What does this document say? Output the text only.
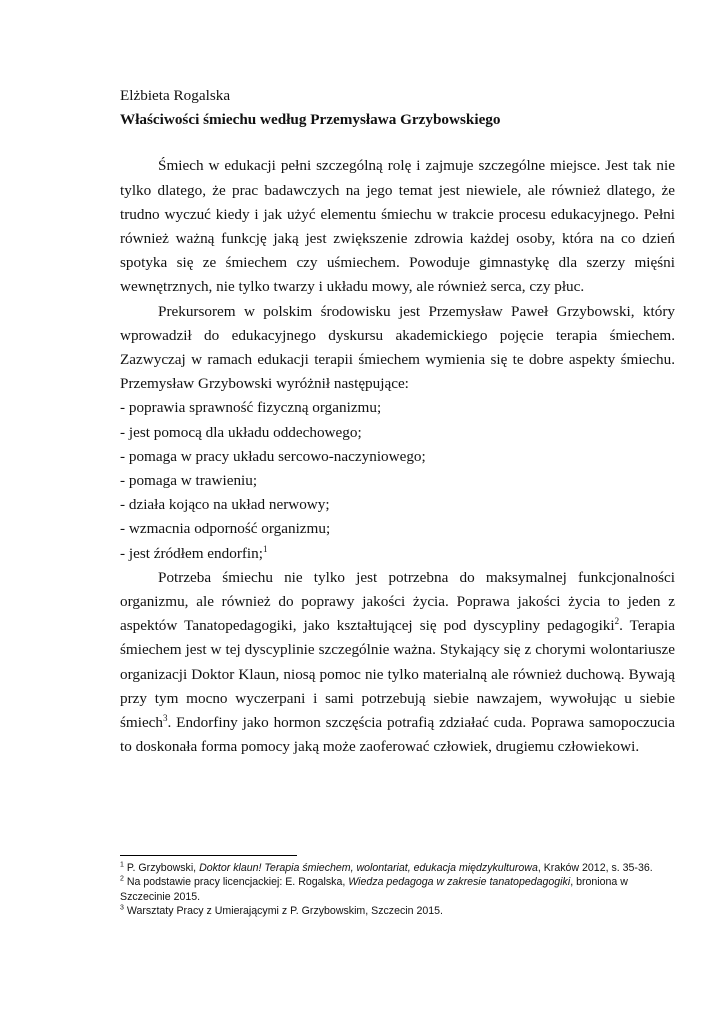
Elżbieta Rogalska

Właściwości śmiechu według Przemysława Grzybowskiego

Śmiech w edukacji pełni szczególną rolę i zajmuje szczególne miejsce. Jest tak nie tylko dlatego, że prac badawczych na jego temat jest niewiele, ale również dlatego, że trudno wyczuć kiedy i jak użyć elementu śmiechu w trakcie procesu edukacyjnego. Pełni również ważną funkcję jaką jest zwiększenie zdrowia każdej osoby, która na co dzień spotyka się ze śmiechem czy uśmiechem. Powoduje gimnastykę dla szerzy mięśni wewnętrznych, nie tylko twarzy i układu mowy, ale również serca, czy płuc.

Prekursorem w polskim środowisku jest Przemysław Paweł Grzybowski, który wprowadził do edukacyjnego dyskursu akademickiego pojęcie terapia śmiechem. Zazwyczaj w ramach edukacji terapii śmiechem wymienia się te dobre aspekty śmiechu. Przemysław Grzybowski wyróżnił następujące:

- poprawia sprawność fizyczną organizmu;
- jest pomocą dla układu oddechowego;
- pomaga w pracy układu sercowo-naczyniowego;
- pomaga w trawieniu;
- działa kojąco na układ nerwowy;
- wzmacnia odporność organizmu;
- jest źródłem endorfin;$^1$

Potrzeba śmiechu nie tylko jest potrzebna do maksymalnej funkcjonalności organizmu, ale również do poprawy jakości życia. Poprawa jakości życia to jeden z aspektów Tanatopedagogiki, jako kształtującej się pod dyscypliny pedagogiki$^2$. Terapia śmiechem jest w tej dyscyplinie szczególnie ważna. Stykający się z chorymi wolontariusze organizacji Doktor Klaun, niosą pomoc nie tylko materialną ale również duchową. Bywają przy tym mocno wyczerpani i sami potrzebują siebie nawzajem, wywołując u siebie śmiech$^3$. Endorfiny jako hormon szczęścia potrafią zdziałać cuda. Poprawa samopoczucia to doskonała forma pomocy jaką może zaoferować człowiek, drugiemu człowiekowi.

$^1$ P. Grzybowski, Doktor klaun! Terapia śmiechem, wolontariat, edukacja międzykulturowa, Kraków 2012, s. 35-36.

$^2$ Na podstawie pracy licencjackiej: E. Rogalska, Wiedza pedagoga w zakresie tanatopedagogiki, broniona w Szczecinie 2015.

$^3$ Warsztaty Pracy z Umierającymi z P. Grzybowskim, Szczecin 2015.
